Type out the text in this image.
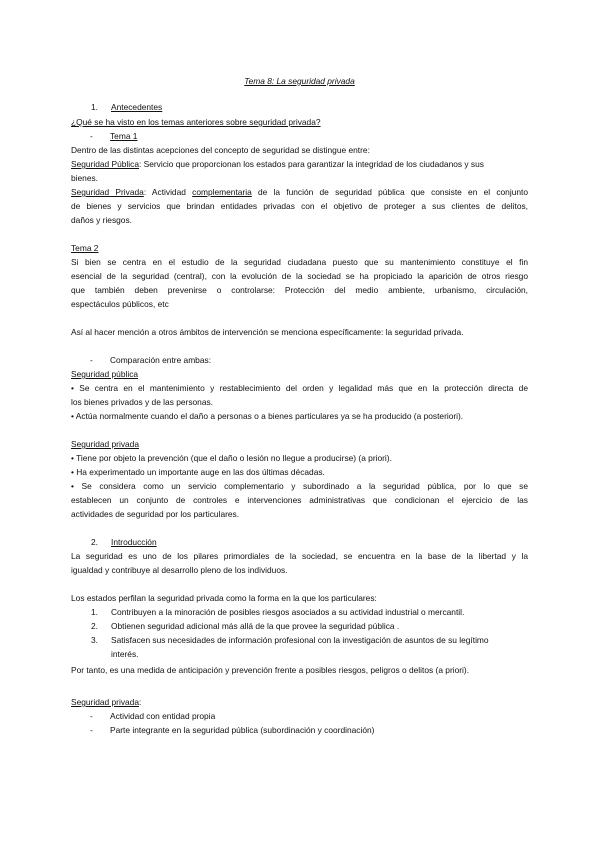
Tema 8: La seguridad privada
1. Antecedentes
¿Qué se ha visto en los temas anteriores sobre seguridad privada?
- Tema 1
Dentro de las distintas acepciones del concepto de seguridad se distingue entre:
Seguridad Pública: Servicio que proporcionan los estados para garantizar la integridad de los ciudadanos y sus
bienes.
Seguridad Privada: Actividad complementaria de la función de seguridad pública que consiste en el conjunto
de bienes y servicios que brindan entidades privadas con el objetivo de proteger a sus clientes de delitos,
daños y riesgos.
Tema 2
Si bien se centra en el estudio de la seguridad ciudadana puesto que su mantenimiento constituye el fin
esencial de la seguridad (central), con la evolución de la sociedad se ha propiciado la aparición de otros riesgo
que también deben prevenirse o controlarse: Protección del medio ambiente, urbanismo, circulación,
espectáculos públicos, etc
Así al hacer mención a otros ámbitos de intervención se menciona específicamente: la seguridad privada.
- Comparación entre ambas:
Seguridad pública
• Se centra en el mantenimiento y restablecimiento del orden y legalidad más que en la protección directa de
los bienes privados y de las personas.
• Actúa normalmente cuando el daño a personas o a bienes particulares ya se ha producido (a posteriori).
Seguridad privada
• Tiene por objeto la prevención (que el daño o lesión no llegue a producirse) (a priori).
• Ha experimentado un importante auge en las dos últimas décadas.
• Se considera como un servicio complementario y subordinado a la seguridad pública, por lo que se
establecen un conjunto de controles e intervenciones administrativas que condicionan el ejercicio de las
actividades de seguridad por los particulares.
2. Introducción
La seguridad es uno de los pilares primordiales de la sociedad, se encuentra en la base de la libertad y la
igualdad y contribuye al desarrollo pleno de los individuos.
Los estados perfilan la seguridad privada como la forma en la que los particulares:
1. Contribuyen a la minoración de posibles riesgos asociados a su actividad industrial o mercantil.
2. Obtienen seguridad adicional más allá de la que provee la seguridad pública .
3. Satisfacen sus necesidades de información profesional con la investigación de asuntos de su legítimo
interés.
Por tanto, es una medida de anticipación y prevención frente a posibles riesgos, peligros o delitos (a priori).
Seguridad privada:
- Actividad con entidad propia
- Parte integrante en la seguridad pública (subordinación y coordinación)
